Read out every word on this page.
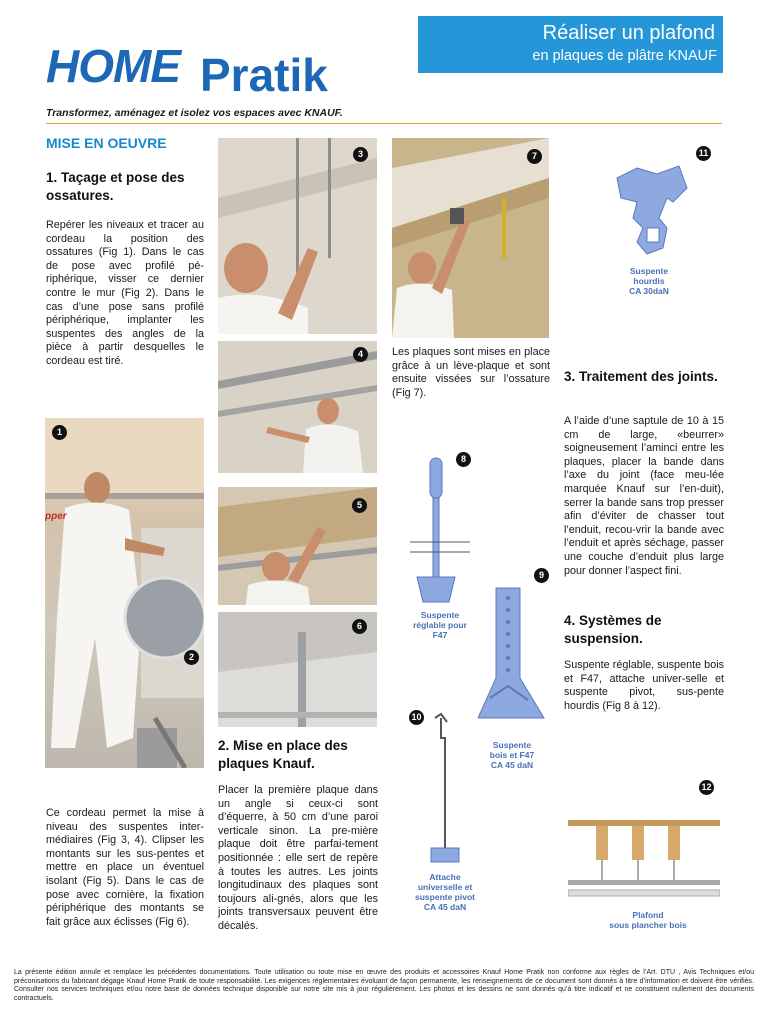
HOME Pratik
Transformez, aménagez et isolez vos espaces avec KNAUF.
Réaliser un plafond
en plaques de plâtre KNAUF
MISE EN OEUVRE
1. Taçage et pose des ossatures.
Repérer les niveaux et tracer au cordeau la position des ossatures (Fig 1). Dans le cas de pose avec profilé pé-riphérique, visser ce dernier contre le mur (Fig 2). Dans le cas d’une pose sans profilé périphérique, implanter les suspentes des angles de la pièce à partir desquelles le cordeau est tiré.
pper
1
2
Ce cordeau permet la mise à niveau des suspentes inter-médiaires (Fig 3, 4). Clipser les montants sur les sus-pentes et mettre en place un éventuel isolant (Fig 5). Dans le cas de pose avec cornière, la fixation périphérique des montants se fait grâce aux éclisses (Fig 6).
3
4
5
6
2. Mise en place des plaques Knauf.
Placer la première plaque dans un angle si ceux-ci sont d’équerre, à 50 cm d’une paroi verticale sinon. La pre-mière plaque doit être parfai-tement positionnée : elle sert de repère à toutes les autres. Les joints longitudinaux des plaques sont toujours ali-gnés, alors que les joints transversaux peuvent être décalés.
7
Les plaques sont mises en place grâce à un lève-plaque et sont ensuite vissées sur l’ossature (Fig 7).
8
Suspente
réglable pour
F47
9
Suspente
bois et F47
CA 45 daN
10
Attache
universelle et
suspente pivot
CA 45 daN
11
Suspente
hourdis
CA 30daN
3. Traitement des joints.
A l’aide d’une saptule de 10 à 15 cm de large, «beurrer» soigneusement l’aminci entre les plaques, placer la bande dans l’axe du joint (face meu-lée marquée Knauf sur l’en-duit), serrer la bande sans trop presser afin d’éviter de chasser tout l’enduit, recou-vrir la bande avec l’enduit et après séchage, passer une couche d’enduit plus large pour donner l’aspect fini.
4. Systèmes de suspension.
Suspente réglable, suspente bois et F47, attache univer-selle et suspente pivot, sus-pente hourdis (Fig 8 à 12).
12
Plafond
sous plancher bois
La présente édition annule et remplace les précédentes documentations. Toute utilisation ou toute mise en œuvre des produits et accessoires Knauf Home Pratik non conforme aux règles de l’Art. DTU , Avis Techniques et/ou préconisations du fabricant dégage Knauf Home Pratik de toute responsabilité. Les exigences réglementaires évoluant de façon permanente, les renseignements de ce document sont donnés à titre d’information et doivent être vérifiés. Consulter nos services techniques et/ou notre base de données technique disponible sur notre site mis à jour régulièrement. Les photos et les dessins ne sont donnés qu’à titre indicatif et ne constituent nullement des documents contractuels.
